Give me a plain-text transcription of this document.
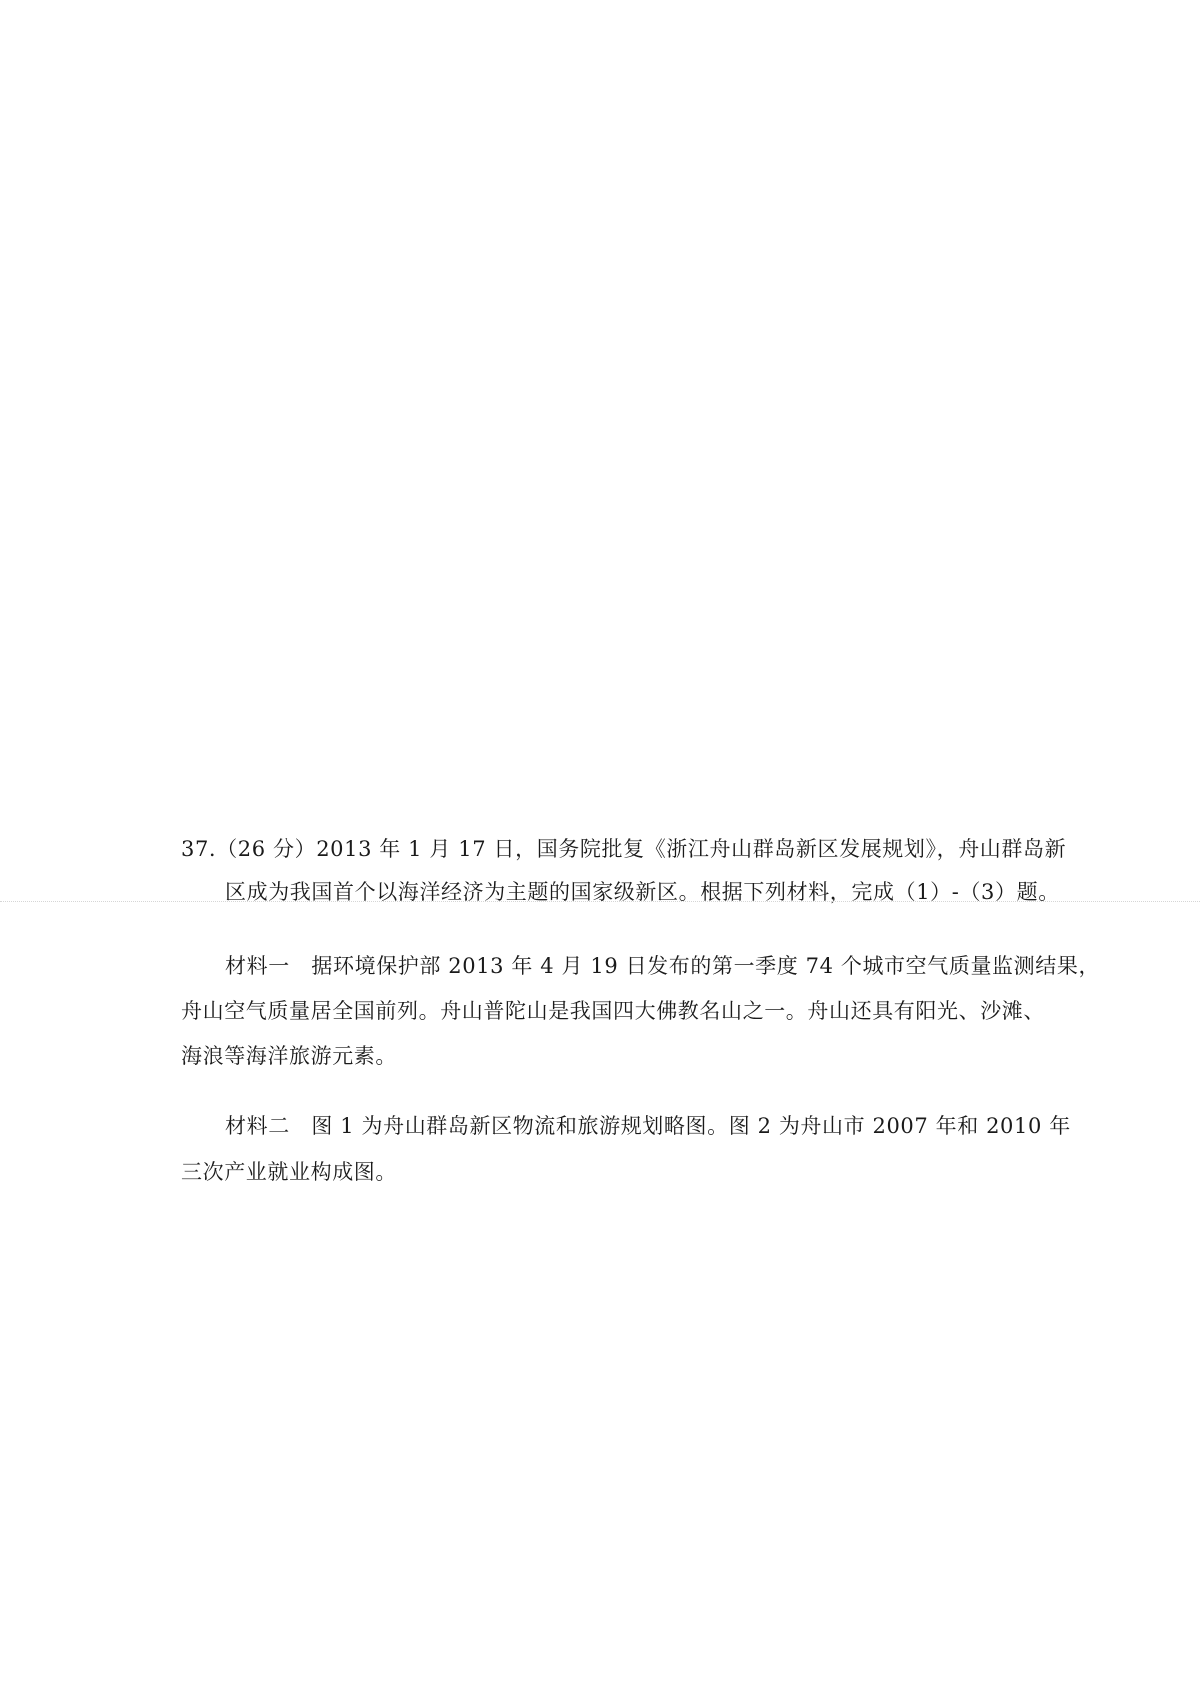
37.（26 分）2013 年 1 月 17 日，国务院批复《浙江舟山群岛新区发展规划》，舟山群岛新
区成为我国首个以海洋经济为主题的国家级新区。根据下列材料，完成（1）-（3）题。
材料一　据环境保护部 2013 年 4 月 19 日发布的第一季度 74 个城市空气质量监测结果，
舟山空气质量居全国前列。舟山普陀山是我国四大佛教名山之一。舟山还具有阳光、沙滩、
海浪等海洋旅游元素。
材料二　图 1 为舟山群岛新区物流和旅游规划略图。图 2 为舟山市 2007 年和 2010 年
三次产业就业构成图。
